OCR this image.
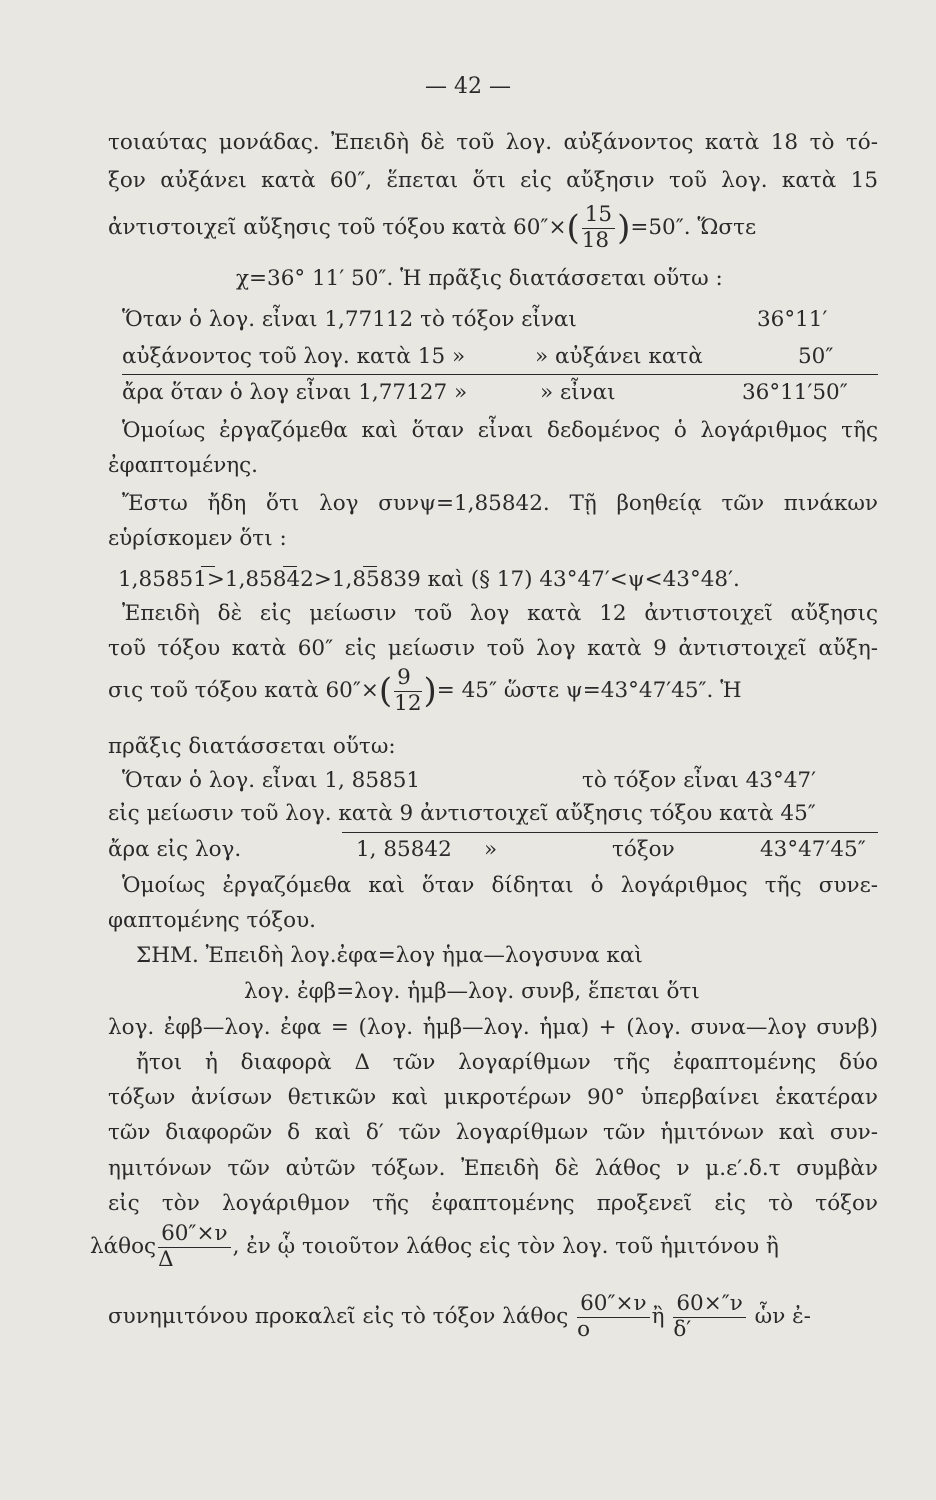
— 42 —
τοιαύτας μονάδας. Ἐπειδὴ δὲ τοῦ λογ. αὐξάνοντος κατὰ 18 τὸ τό-
ξον αὐξάνει κατὰ 60″, ἕπεται ὅτι εἰς αὔξησιν τοῦ λογ. κατὰ 15
ἀντιστοιχεῖ αὔξησις τοῦ τόξου κατὰ $60''\times( \frac{15}{18} )=50''$. Ὥστε
χ=36° 11′ 50″. Ἡ πρᾶξις διατάσσεται οὕτω :
Ὅταν ὁ λογ. εἶναι 1,77112 τὸ τόξον εἶναι	36°11′
αὐξάνοντος τοῦ λογ. κατὰ 15 »	» αὐξάνει κατὰ	50″
ἄρα ὅταν ὁ λογ εἶναι 1,77127 »	» εἶναι	36°11′50″
Ὁμοίως ἐργαζόμεθα καὶ ὅταν εἶναι δεδομένος ὁ λογάριθμος τῆς
ἐφαπτομένης.
Ἔστω ἤδη ὅτι λογ συνψ=1,85842. Τῇ βοηθείᾳ τῶν πινάκων
εὑρίσκομεν ὅτι :
1,85851>1,85842>1,85839 καὶ (§ 17) 43°47′<ψ<43°48′.
Ἐπειδὴ δὲ εἰς μείωσιν τοῦ λογ κατὰ 12 ἀντιστοιχεῖ αὔξησις
τοῦ τόξου κατὰ 60″ εἰς μείωσιν τοῦ λογ κατὰ 9 ἀντιστοιχεῖ αὔξη-
σις τοῦ τόξου κατὰ $60''\times( \frac{9}{12}$ )= 45″ ὥστε ψ=43°47′45″. Ἡ
πρᾶξις διατάσσεται οὕτω:
Ὅταν ὁ λογ. εἶναι 1, 85851	τὸ τόξον εἶναι 43°47′
εἰς μείωσιν τοῦ λογ. κατὰ 9 ἀντιστοιχεῖ αὔξησις τόξου κατὰ 45″
ἄρα εἰς λογ.	1, 85842 »	τόξον	43°47′45″
Ὁμοίως ἐργαζόμεθα καὶ ὅταν δίδηται ὁ λογάριθμος τῆς συνε-
φαπτομένης τόξου.
ΣΗΜ. Ἐπειδὴ λογ.ἐφα=λογ ἡμα—λογσυνα καὶ
λογ. ἐφβ=λογ. ἡμβ—λογ. συνβ, ἕπεται ὅτι
λογ. ἐφβ—λογ. ἐφα = (λογ. ἡμβ—λογ. ἡμα) + (λογ. συνα—λογ συνβ)
ἤτοι ἡ διαφορὰ Δ τῶν λογαρίθμων τῆς ἐφαπτομένης δύο
τόξων ἀνίσων θετικῶν καὶ μικροτέρων 90° ὑπερβαίνει ἑκατέραν
τῶν διαφορῶν δ καὶ δ′ τῶν λογαρίθμων τῶν ἡμιτόνων καὶ συν-
ημιτόνων τῶν αὐτῶν τόξων. Ἐπειδὴ δὲ λάθος ν μ.ε′.δ.τ συμβὰν
εἰς τὸν λογάριθμον τῆς ἐφαπτομένης προξενεῖ εἰς τὸ τόξον
λάθος $\frac{60''\times\nu}{\Delta}$ , ἐν ᾧ τοιοῦτον λάθος εἰς τὸν λογ. τοῦ ἡμιτόνου ἢ
συνημιτόνου προκαλεῖ εἰς τὸ τόξον λάθος $\frac{60''\times\nu}{o}$ ἢ $\frac{60\times''\nu}{\delta'}$ ὧν ἐ-
